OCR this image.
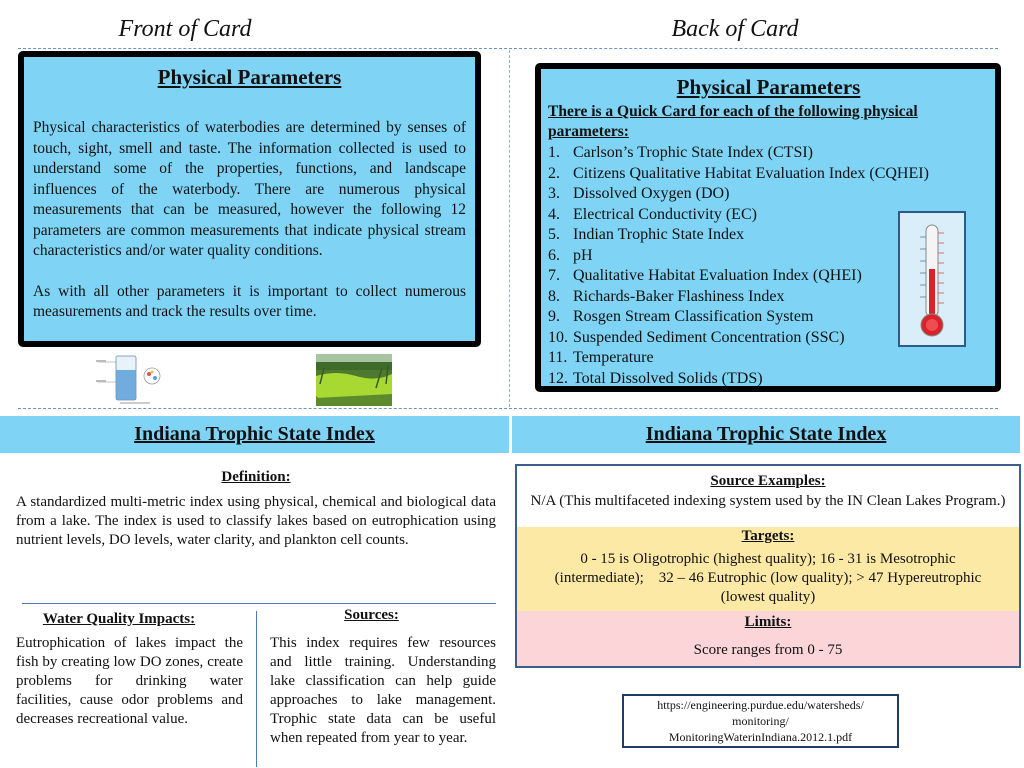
Front of Card	Back of Card
Physical Parameters

Physical characteristics of waterbodies are determined by senses of touch, sight, smell and taste. The information collected is used to understand some of the properties, functions, and landscape influences of the waterbody. There are numerous physical measurements that can be measured, however the following 12 parameters are common measurements that indicate physical stream characteristics and/or water quality conditions.

As with all other parameters it is important to collect numerous measurements and track the results over time.

Physical Parameters
There is a Quick Card for each of the following physical parameters:
1. Carlson’s Trophic State Index (CTSI)
2. Citizens Qualitative Habitat Evaluation Index (CQHEI)
3. Dissolved Oxygen (DO)
4. Electrical Conductivity (EC)
5. Indian Trophic State Index
6. pH
7. Qualitative Habitat Evaluation Index (QHEI)
8. Richards-Baker Flashiness Index
9. Rosgen Stream Classification System
10. Suspended Sediment Concentration (SSC)
11. Temperature
12. Total Dissolved Solids (TDS)
Indiana Trophic State Index
Definition:

A standardized multi-metric index using physical, chemical and biological data from a lake. The index is used to classify lakes based on eutrophication using nutrient levels, DO levels, water clarity, and plankton cell counts.

Water Quality Impacts:

Eutrophication of lakes impact the fish by creating low DO zones, create problems for drinking water facilities, cause odor problems and decreases recreational value.

Sources:

This index requires few resources and little training. Understanding lake classification can help guide approaches to lake management. Trophic state data can be useful when repeated from year to year.

Indiana Trophic State Index
Source Examples:
N/A (This multifaceted indexing system used by the IN Clean Lakes Program.)
Targets:
0 - 15 is Oligotrophic (highest quality); 16 - 31 is Mesotrophic (intermediate);    32 – 46 Eutrophic (low quality); > 47 Hypereutrophic (lowest quality)
Limits:
Score ranges from 0 - 75
https://engineering.purdue.edu/watersheds/
monitoring/
MonitoringWaterinIndiana.2012.1.pdf
